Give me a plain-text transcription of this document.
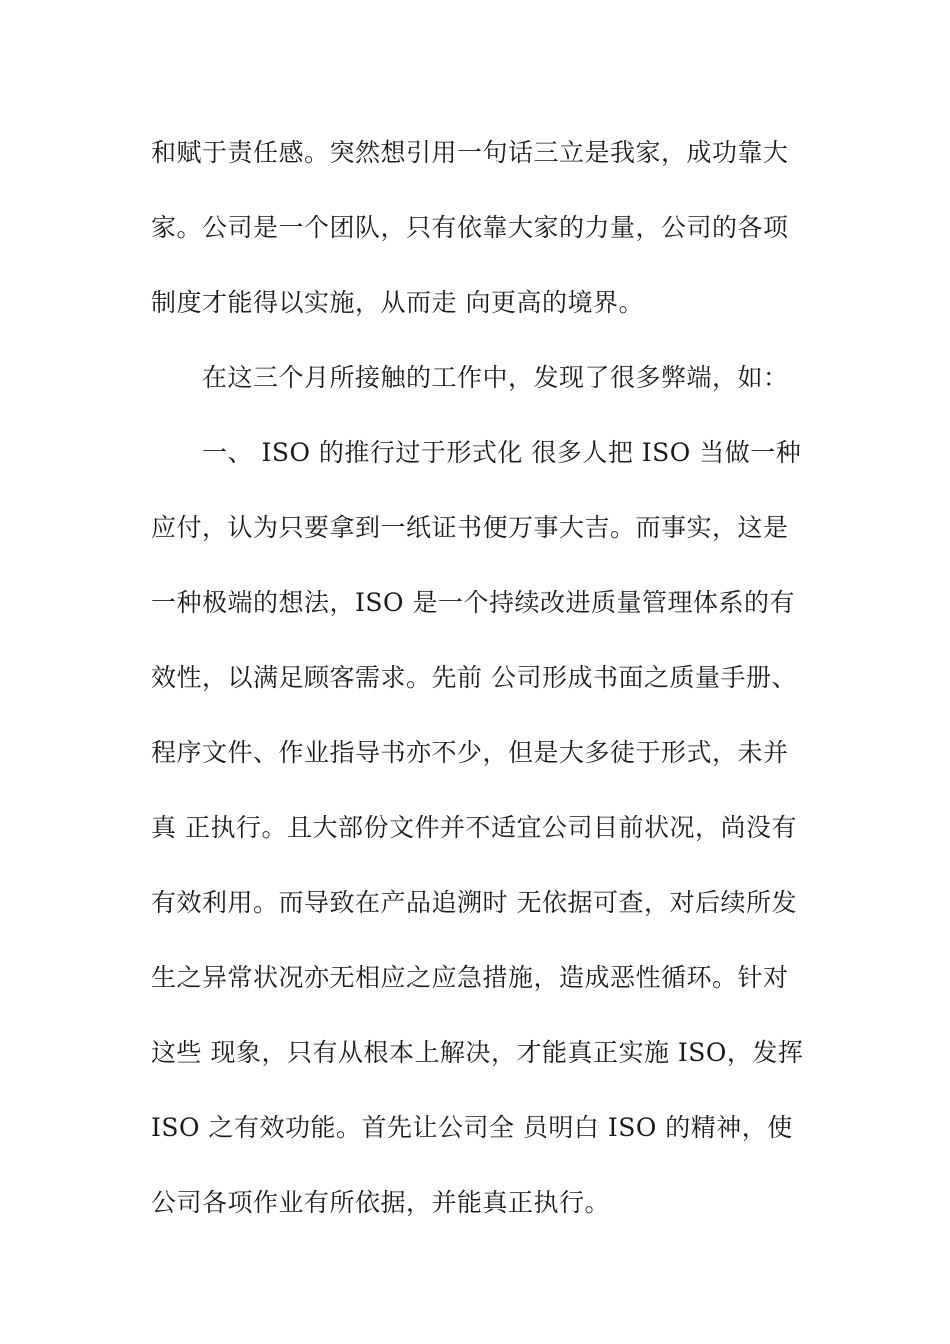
和赋于责任感。突然想引用一句话三立是我家，成功靠大
家。公司是一个团队，只有依靠大家的力量，公司的各项
制度才能得以实施，从而走 向更高的境界。
　　在这三个月所接触的工作中，发现了很多弊端，如：
　　一、 ISO 的推行过于形式化 很多人把 ISO 当做一种
应付，认为只要拿到一纸证书便万事大吉。而事实，这是
一种极端的想法，ISO 是一个持续改进质量管理体系的有
效性，以满足顾客需求。先前 公司形成书面之质量手册、
程序文件、作业指导书亦不少，但是大多徒于形式，未并
真 正执行。且大部份文件并不适宜公司目前状况，尚没有
有效利用。而导致在产品追溯时 无依据可查，对后续所发
生之异常状况亦无相应之应急措施，造成恶性循环。针对
这些 现象，只有从根本上解决，才能真正实施 ISO，发挥
ISO 之有效功能。首先让公司全 员明白 ISO 的精神，使
公司各项作业有所依据，并能真正执行。
